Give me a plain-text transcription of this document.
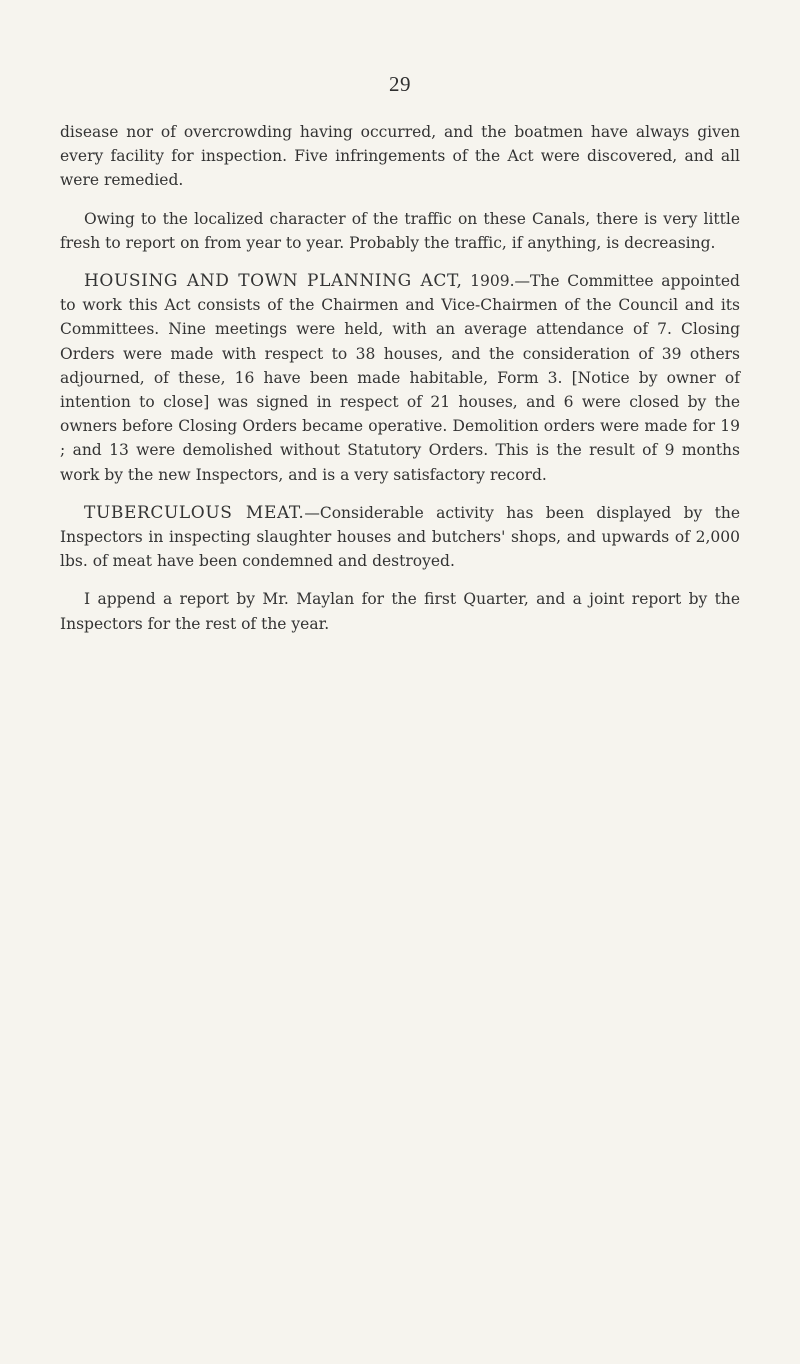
29

disease nor of overcrowding having occurred, and the boatmen have always given every facility for inspection. Five infringements of the Act were discovered, and all were remedied.

Owing to the localized character of the traffic on these Canals, there is very little fresh to report on from year to year. Probably the traffic, if anything, is decreasing.

HOUSING AND TOWN PLANNING ACT, 1909.—The Committee appointed to work this Act consists of the Chairmen and Vice-Chairmen of the Council and its Committees. Nine meetings were held, with an average attendance of 7. Closing Orders were made with respect to 38 houses, and the consideration of 39 others adjourned, of these, 16 have been made habitable, Form 3. [Notice by owner of intention to close] was signed in respect of 21 houses, and 6 were closed by the owners before Closing Orders became operative. Demolition orders were made for 19 ; and 13 were demolished without Statutory Orders. This is the result of 9 months work by the new Inspectors, and is a very satisfactory record.

TUBERCULOUS MEAT.—Considerable activity has been displayed by the Inspectors in inspecting slaughter houses and butchers' shops, and upwards of 2,000 lbs. of meat have been condemned and destroyed.

I append a report by Mr. Maylan for the first Quarter, and a joint report by the Inspectors for the rest of the year.
